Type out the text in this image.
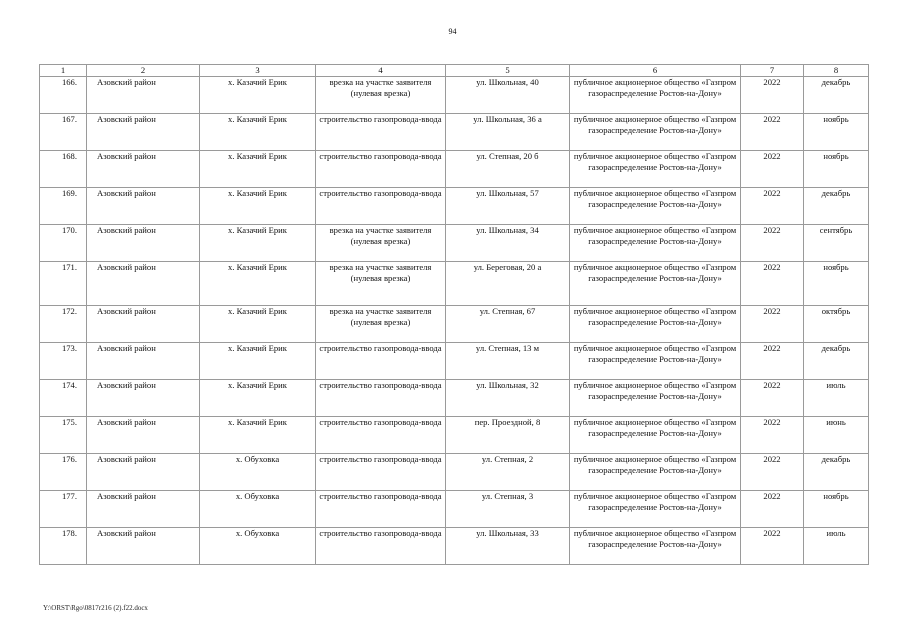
94
1	2	3	4	5	6	7	8
166.	Азовский район	х. Казачий Ерик	врезка на участке заявителя (нулевая врезка)	ул. Школьная, 40	публичное акционерное общество «Газпром газораспределение Ростов-на-Дону»	2022	декабрь
167.	Азовский район	х. Казачий Ерик	строительство газопровода-ввода	ул. Школьная, 36 а	публичное акционерное общество «Газпром газораспределение Ростов-на-Дону»	2022	ноябрь
168.	Азовский район	х. Казачий Ерик	строительство газопровода-ввода	ул. Степная, 20 б	публичное акционерное общество «Газпром газораспределение Ростов-на-Дону»	2022	ноябрь
169.	Азовский район	х. Казачий Ерик	строительство газопровода-ввода	ул. Школьная, 57	публичное акционерное общество «Газпром газораспределение Ростов-на-Дону»	2022	декабрь
170.	Азовский район	х. Казачий Ерик	врезка на участке заявителя (нулевая врезка)	ул. Школьная, 34	публичное акционерное общество «Газпром газораспределение Ростов-на-Дону»	2022	сентябрь
171.	Азовский район	х. Казачий Ерик	врезка на участке заявителя (нулевая врезка)	ул. Береговая, 20 а	публичное акционерное общество «Газпром газораспределение Ростов-на-Дону»	2022	ноябрь
172.	Азовский район	х. Казачий Ерик	врезка на участке заявителя (нулевая врезка)	ул. Степная, 67	публичное акционерное общество «Газпром газораспределение Ростов-на-Дону»	2022	октябрь
173.	Азовский район	х. Казачий Ерик	строительство газопровода-ввода	ул. Степная, 13 м	публичное акционерное общество «Газпром газораспределение Ростов-на-Дону»	2022	декабрь
174.	Азовский район	х. Казачий Ерик	строительство газопровода-ввода	ул. Школьная, 32	публичное акционерное общество «Газпром газораспределение Ростов-на-Дону»	2022	июль
175.	Азовский район	х. Казачий Ерик	строительство газопровода-ввода	пер. Проездной, 8	публичное акционерное общество «Газпром газораспределение Ростов-на-Дону»	2022	июнь
176.	Азовский район	х. Обуховка	строительство газопровода-ввода	ул. Степная, 2	публичное акционерное общество «Газпром газораспределение Ростов-на-Дону»	2022	декабрь
177.	Азовский район	х. Обуховка	строительство газопровода-ввода	ул. Степная, 3	публичное акционерное общество «Газпром газораспределение Ростов-на-Дону»	2022	ноябрь
178.	Азовский район	х. Обуховка	строительство газопровода-ввода	ул. Школьная, 33	публичное акционерное общество «Газпром газораспределение Ростов-на-Дону»	2022	июль
Y:\ORST\Rgo\0817r216 (2).f22.docx
